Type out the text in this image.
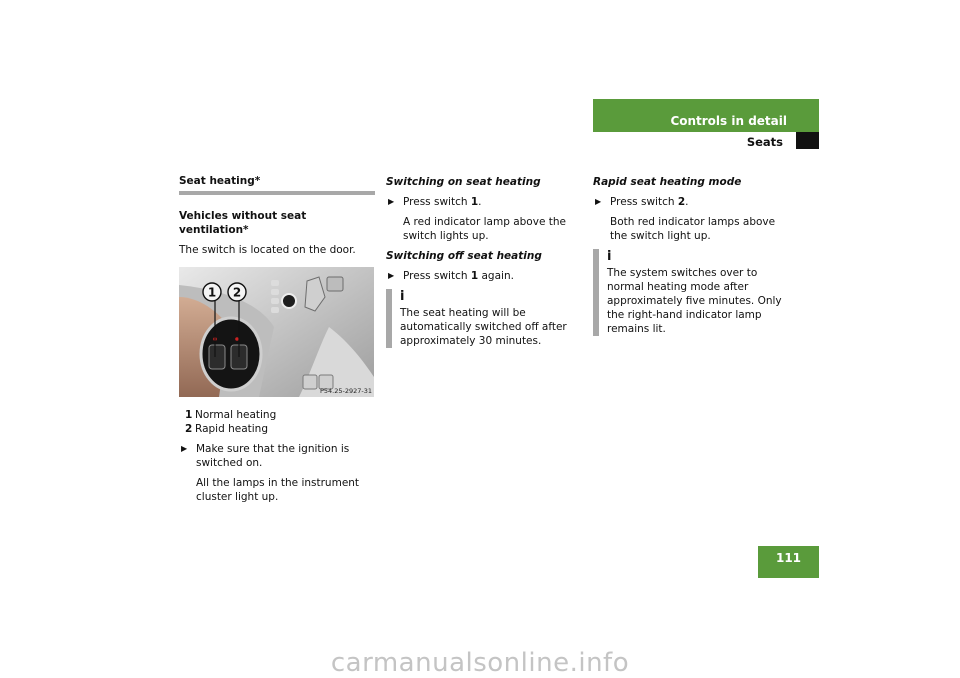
Controls in detail
Seats
Seat heating*

Vehicles without seat ventilation*

The switch is located on the door.

1 2
P54.25-2927-31
1 Normal heating
2 Rapid heating

▶ Make sure that the ignition is switched on.

All the lamps in the instrument cluster light up.

Switching on seat heating

▶ Press switch 1.

A red indicator lamp above the switch lights up.

Switching off seat heating

▶ Press switch 1 again.

i

The seat heating will be automatically switched off after approximately 30 minutes.

Rapid seat heating mode

▶ Press switch 2.

Both red indicator lamps above the switch light up.

i

The system switches over to normal heating mode after approximately five minutes. Only the right-hand indicator lamp remains lit.

111
carmanualsonline.info
